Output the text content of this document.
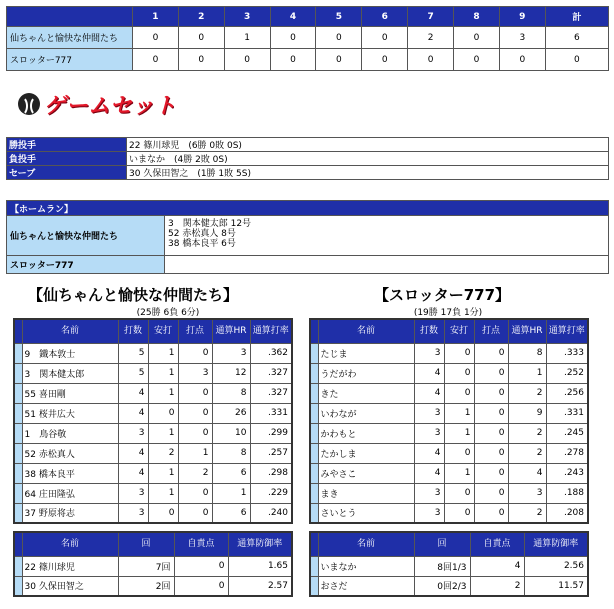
	1	2	3	4	5	6	7	8	9	計
仙ちゃんと愉快な仲間たち	0	0	1	0	0	0	2	0	3	6
スロッター777	0	0	0	0	0	0	0	0	0	0
ゲームセット
勝投手	22 篠川球児　(6勝 0敗 0S)
負投手	いまなか　(4勝 2敗 0S)
セーブ	30 久保田智之　(1勝 1敗 5S)
【ホームラン】	
仙ちゃんと愉快な仲間たち	3　関本健太郎 12号
52 赤松真人 8号
38 橋本良平 6号

スロッター777	
【仙ちゃんと愉快な仲間たち】
(25勝 6負 6分)
【スロッター777】
(19勝 17負 1分)
	名前	打数	安打	打点	通算HR	通算打率
	9　鐵本敦士	5	1	0	3	.362
	3　関本健太郎	5	1	3	12	.327
	55 喜田剛	4	1	0	8	.327
	51 桜井広大	4	0	0	26	.331
	1　鳥谷敬	3	1	0	10	.299
	52 赤松真人	4	2	1	8	.257
	38 橋本良平	4	1	2	6	.298
	64 庄田隆弘	3	1	0	1	.229
	37 野原将志	3	0	0	6	.240
	名前	打数	安打	打点	通算HR	通算打率
	たじま	3	0	0	8	.333
	うだがわ	4	0	0	1	.252
	きた	4	0	0	2	.256
	いわなが	3	1	0	9	.331
	かわもと	3	1	0	2	.245
	たかしま	4	0	0	2	.278
	みやさこ	4	1	0	4	.243
	まき	3	0	0	3	.188
	さいとう	3	0	0	2	.208
	名前	回	自責点	通算防御率
	22 篠川球児	7回	0	1.65
	30 久保田智之	2回	0	2.57
	名前	回	自責点	通算防御率
	いまなか	8回1/3	4	2.56
	おさだ	0回2/3	2	11.57
